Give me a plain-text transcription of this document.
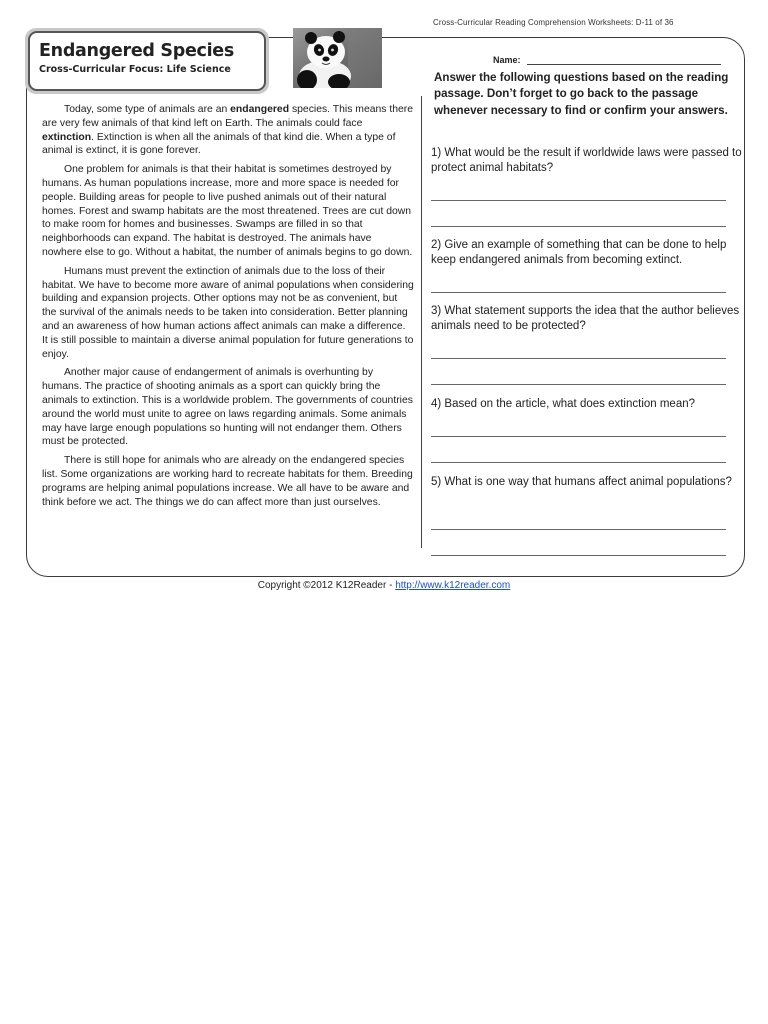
Cross-Curricular Reading Comprehension Worksheets: D-11 of 36
Endangered Species
Cross-Curricular Focus: Life Science
Name:

Today, some type of animals are an endangered species. This means there are very few animals of that kind left on Earth. The animals could face extinction. Extinction is when all the animals of that kind die. When a type of animal is extinct, it is gone forever.

One problem for animals is that their habitat is sometimes destroyed by humans. As human populations increase, more and more space is needed for people. Building areas for people to live pushed animals out of their natural homes. Forest and swamp habitats are the most threatened. Trees are cut down to make room for homes and businesses. Swamps are filled in so that neighborhoods can expand. The habitat is destroyed. The animals have nowhere else to go. Without a habitat, the number of animals begins to go down.

Humans must prevent the extinction of animals due to the loss of their habitat. We have to become more aware of animal populations when considering building and expansion projects. Other options may not be as convenient, but the survival of the animals needs to be taken into consideration. Better planning and an awareness of how human actions affect animals can make a difference. It is still possible to maintain a diverse animal population for future generations to enjoy.

Another major cause of endangerment of animals is overhunting by humans. The practice of shooting animals as a sport can quickly bring the animals to extinction. This is a worldwide problem. The governments of countries around the world must unite to agree on laws regarding animals. Some animals may have large enough populations so hunting will not endanger them. Others must be protected.

There is still hope for animals who are already on the endangered species list. Some organizations are working hard to recreate habitats for them. Breeding programs are helping animal populations increase. We all have to be aware and think before we act. The things we do can affect more than just ourselves.

Answer the following questions based on the reading passage. Don’t forget to go back to the passage whenever necessary to find or confirm your answers.
1) What would be the result if worldwide laws were passed to protect animal habitats?
2) Give an example of something that can be done to help keep endangered animals from becoming extinct.
3) What statement supports the idea that the author believes animals need to be protected?
4) Based on the article, what does extinction mean?
5) What is one way that humans affect animal populations?
Copyright ©2012 K12Reader - http://www.k12reader.com
